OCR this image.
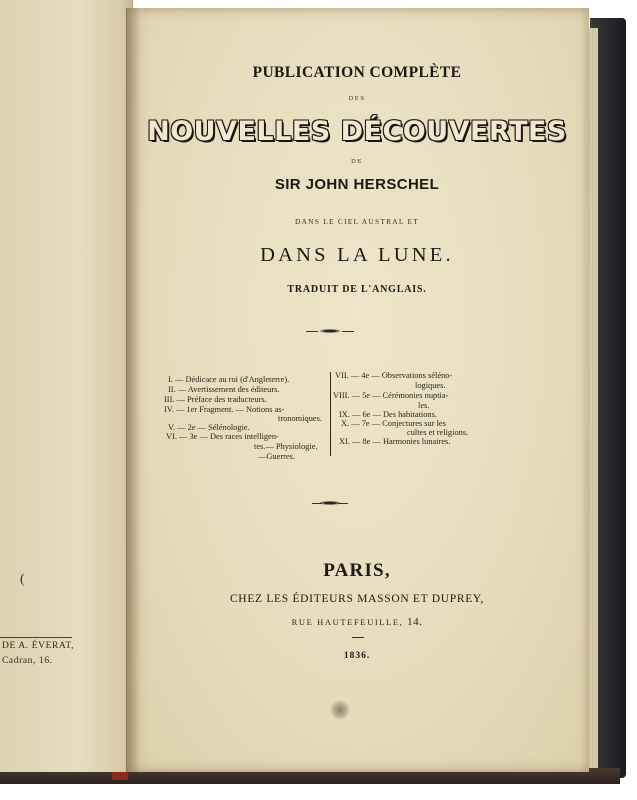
(
DE A. ÉVERAT,
Cadran, 16.
PUBLICATION COMPLÈTE
DES
NOUVELLES DÉCOUVERTES
DE
SIR JOHN HERSCHEL
DANS LE CIEL AUSTRAL ET
DANS LA LUNE.
TRADUIT DE L'ANGLAIS.
I. — Dédicace au roi (d'Angleterre).
II. — Avertissement des éditeurs.
III. — Préface des traducteurs.
IV. — 1er Fragment. — Notions as-
tronomiques.
V. — 2e — Sélénologie.
VI. — 3e — Des races intelligen-
tes.— Physiologie.
—Guerres.
VII. — 4e — Observations séléno-
logiques.
VIII. — 5e — Cérémonies nuptia-
les.
IX. — 6e — Des habitations.
X. — 7e — Conjectures sur les
cultes et religions.
XI. — 8e — Harmonies lunaires.
PARIS,
CHEZ LES ÉDITEURS MASSON ET DUPREY,
RUE HAUTEFEUILLE, 14.
1836.
